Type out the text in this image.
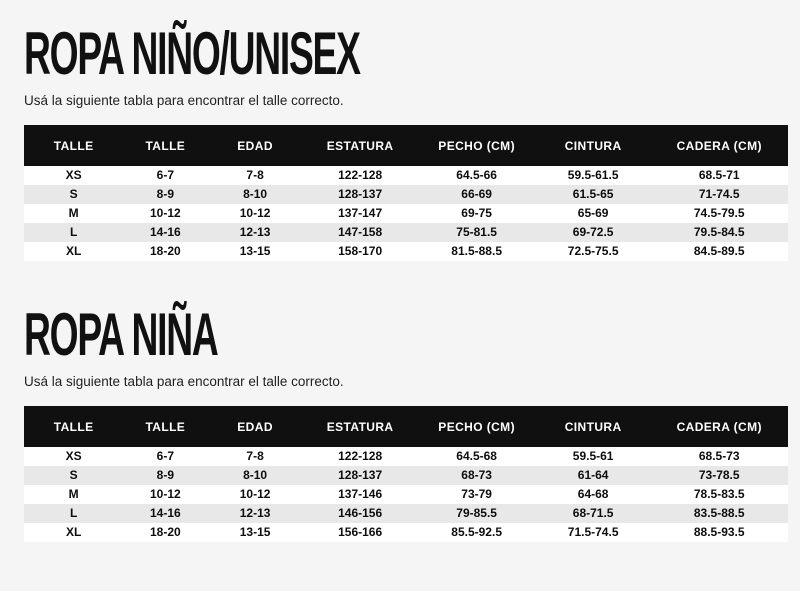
ROPA NIÑO/UNISEX

Usá la siguiente tabla para encontrar el talle correcto.

TALLE	TALLE	EDAD	ESTATURA	PECHO (CM)	CINTURA	CADERA (CM)
XS	6-7	7-8	122-128	64.5-66	59.5-61.5	68.5-71
S	8-9	8-10	128-137	66-69	61.5-65	71-74.5
M	10-12	10-12	137-147	69-75	65-69	74.5-79.5
L	14-16	12-13	147-158	75-81.5	69-72.5	79.5-84.5
XL	18-20	13-15	158-170	81.5-88.5	72.5-75.5	84.5-89.5
ROPA NIÑA

Usá la siguiente tabla para encontrar el talle correcto.

TALLE	TALLE	EDAD	ESTATURA	PECHO (CM)	CINTURA	CADERA (CM)
XS	6-7	7-8	122-128	64.5-68	59.5-61	68.5-73
S	8-9	8-10	128-137	68-73	61-64	73-78.5
M	10-12	10-12	137-146	73-79	64-68	78.5-83.5
L	14-16	12-13	146-156	79-85.5	68-71.5	83.5-88.5
XL	18-20	13-15	156-166	85.5-92.5	71.5-74.5	88.5-93.5
